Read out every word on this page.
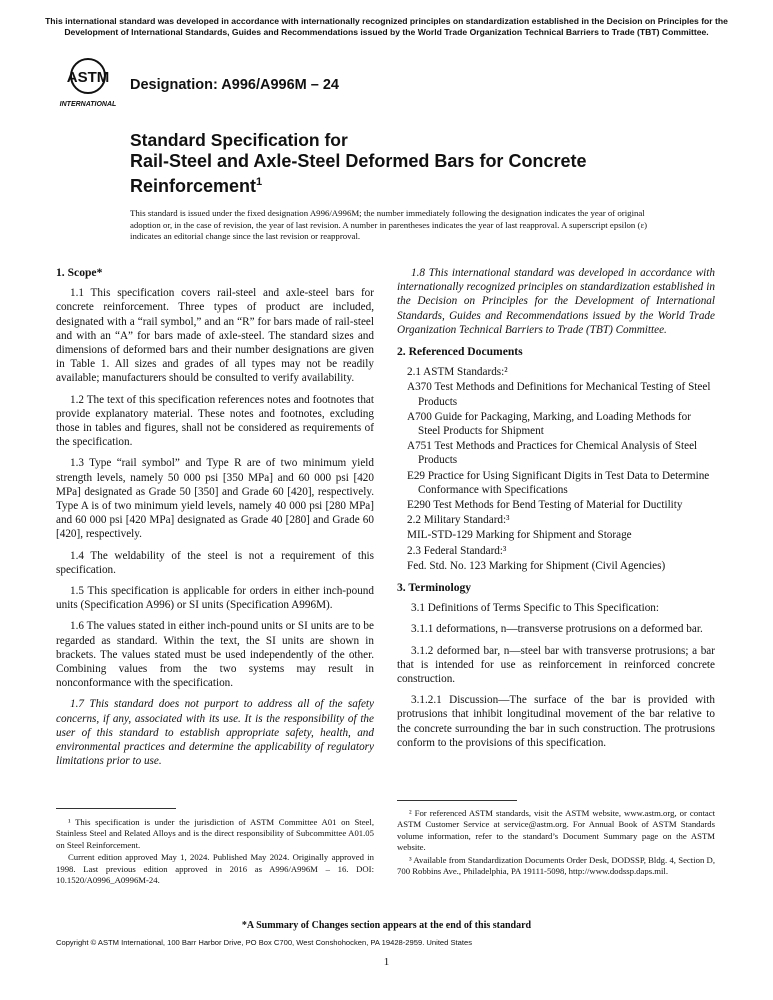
This international standard was developed in accordance with internationally recognized principles on standardization established in the Decision on Principles for the Development of International Standards, Guides and Recommendations issued by the World Trade Organization Technical Barriers to Trade (TBT) Committee.
ASTM
INTERNATIONAL
Designation: A996/A996M – 24
Standard Specification for
Rail-Steel and Axle-Steel Deformed Bars for Concrete
Reinforcement$^1$
This standard is issued under the fixed designation A996/A996M; the number immediately following the designation indicates the year of original adoption or, in the case of revision, the year of last revision. A number in parentheses indicates the year of last reapproval. A superscript epsilon (ε) indicates an editorial change since the last revision or reapproval.
1. Scope*

1.1 This specification covers rail-steel and axle-steel bars for concrete reinforcement. Three types of product are included, designated with a “rail symbol,” and an “R” for bars made of rail-steel and with an “A” for bars made of axle-steel. The standard sizes and dimensions of deformed bars and their number designations are given in Table 1. All sizes and grades of all types may not be readily available; manufacturers should be consulted to verify availability.

1.2 The text of this specification references notes and footnotes that provide explanatory material. These notes and footnotes, excluding those in tables and figures, shall not be considered as requirements of the specification.

1.3 Type “rail symbol” and Type R are of two minimum yield strength levels, namely 50 000 psi [350 MPa] and 60 000 psi [420 MPa] designated as Grade 50 [350] and Grade 60 [420], respectively. Type A is of two minimum yield levels, namely 40 000 psi [280 MPa] and 60 000 psi [420 MPa] designated as Grade 40 [280] and Grade 60 [420], respectively.

1.4 The weldability of the steel is not a requirement of this specification.

1.5 This specification is applicable for orders in either inch-pound units (Specification A996) or SI units (Specification A996M).

1.6 The values stated in either inch-pound units or SI units are to be regarded as standard. Within the text, the SI units are shown in brackets. The values stated must be used independently of the other. Combining values from the two systems may result in nonconformance with the specification.

1.7 This standard does not purport to address all of the safety concerns, if any, associated with its use. It is the responsibility of the user of this standard to establish appropriate safety, health, and environmental practices and determine the applicability of regulatory limitations prior to use.

¹ This specification is under the jurisdiction of ASTM Committee A01 on Steel, Stainless Steel and Related Alloys and is the direct responsibility of Subcommittee A01.05 on Steel Reinforcement.

Current edition approved May 1, 2024. Published May 2024. Originally approved in 1998. Last previous edition approved in 2016 as A996/A996M – 16. DOI: 10.1520/A0996_A0996M-24.

1.8 This international standard was developed in accordance with internationally recognized principles on standardization established in the Decision on Principles for the Development of International Standards, Guides and Recommendations issued by the World Trade Organization Technical Barriers to Trade (TBT) Committee.

2. Referenced Documents

2.1 ASTM Standards:²

A370 Test Methods and Definitions for Mechanical Testing of Steel Products

A700 Guide for Packaging, Marking, and Loading Methods for Steel Products for Shipment

A751 Test Methods and Practices for Chemical Analysis of Steel Products

E29 Practice for Using Significant Digits in Test Data to Determine Conformance with Specifications

E290 Test Methods for Bend Testing of Material for Ductility

2.2 Military Standard:³

MIL-STD-129 Marking for Shipment and Storage

2.3 Federal Standard:³

Fed. Std. No. 123 Marking for Shipment (Civil Agencies)

3. Terminology

3.1 Definitions of Terms Specific to This Specification:

3.1.1 deformations, n—transverse protrusions on a deformed bar.

3.1.2 deformed bar, n—steel bar with transverse protrusions; a bar that is intended for use as reinforcement in reinforced concrete construction.

3.1.2.1 Discussion—The surface of the bar is provided with protrusions that inhibit longitudinal movement of the bar relative to the concrete surrounding the bar in such construction. The protrusions conform to the provisions of this specification.

² For referenced ASTM standards, visit the ASTM website, www.astm.org, or contact ASTM Customer Service at service@astm.org. For Annual Book of ASTM Standards volume information, refer to the standard’s Document Summary page on the ASTM website.

³ Available from Standardization Documents Order Desk, DODSSP, Bldg. 4, Section D, 700 Robbins Ave., Philadelphia, PA 19111-5098, http://www.dodssp.daps.mil.

*A Summary of Changes section appears at the end of this standard
Copyright © ASTM International, 100 Barr Harbor Drive, PO Box C700, West Conshohocken, PA 19428-2959. United States
1
